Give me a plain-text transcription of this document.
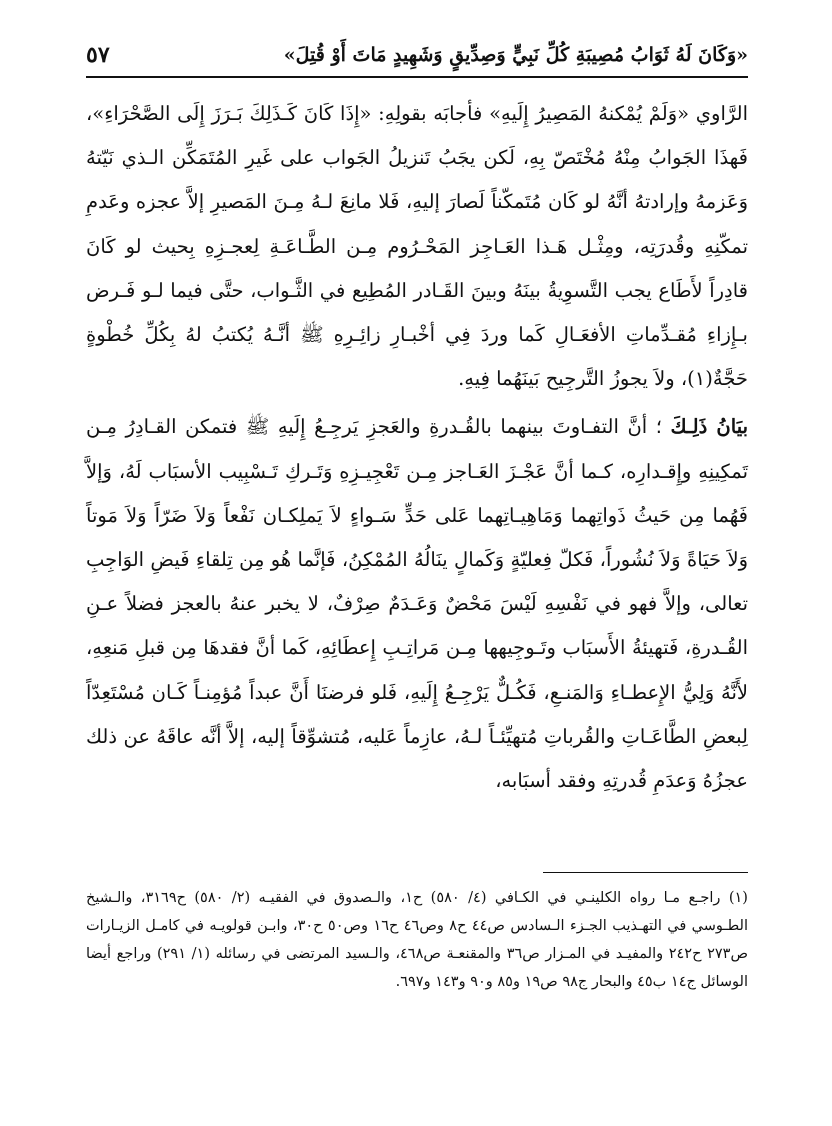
«وَكَانَ لَهُ ثَوَابُ مُصِيبَةِ كُلِّ نَبِيٍّ وَصِدِّيقٍ وَشَهِيدٍ مَاتَ أَوْ قُتِلَ»
٥٧

الرَّاوي «وَلَمْ يُمْكنهُ المَصِيرُ إِلَيهِ» فأجابَه بقولِهِ: «إِذَا كَانَ كَـذَلِكَ بَـرَزَ إِلَى الصَّحْرَاءِ»، فَهذَا الجَوابُ مِنْهُ مُخْتَصّ بِهِ، لَكن يجَبُ تَنزيلُ الجَواب على غَيرِ المُتَمَكِّن الـذي نَيّتهُ وَعَزمهُ وإرادتهُ أنَّهُ لو كَان مُتَمكّناً لَصارَ إليهِ، فَلا مانِعَ لـهُ مِـنَ المَصيرِ إلاَّ عجزه وعَدمِ تمكّنِهِ وقُدرَتِه، ومِثْـل هَـذا العَـاجِز المَحْـرُوم مِـن الطَّـاعَـةِ لِعجـزِهِ بِحيث لو كَانَ قادِراً لأَطَاع يجب التَّسوِيةُ بينَهُ وبينَ القَـادر المُطِيع في الثَّـواب، حتَّى فيما لـو فَـرض بـإِزاءِ مُقـدِّماتِ الأفعَـالِ كَما وردَ فِي أخْبـارِ زائِـرِهِ ﷺ أنَّـهُ يُكتبُ لهُ بِكُلِّ خُطْوةٍ حَجَّةٌ(١)، ولاَ يجوزُ التَّرجِيح بَينَهُما فِيهِ.

بيَانُ ذَلِـكَ ؛ أنَّ التفـاوتَ بينهما بالقُـدرةِ والعَجزِ يَرجِـعُ إِلَيهِ ﷺ فتمكن القـادِرُ مِـن تَمكِينِهِ وإِقـدارِه، كـما أنَّ عَجْـزَ العَـاجز مِـن تَعْجِيـزِهِ وَتَـركِ تَـسْبِيب الأسبَاب لَهُ، وَإلاَّ فَهُما مِن حَيثُ ذَواتِهما وَمَاهِيـاتِهما عَلى حَدٍّ سَـواءٍ لاَ يَملِكـان نَفْعاً وَلاَ ضَرّاً وَلاَ مَوتاً وَلاَ حَيَاةً وَلاَ نُشُوراً، فَكلّ فِعليّةٍ وَكَمالٍ ينَالُهُ المُمْكِنُ، فَإنَّما هُو مِن تِلقاءِ فَيضِ الوَاجِبِ تعالى، وإلاَّ فهو في نَفْسِهِ لَيْسَ مَحْضٌ وَعَـدَمٌ صِرْفٌ، لا يخبر عنهُ بالعجز فضلاً عـنِ القُـدرةِ، فَتهيئةُ الأَسبَاب وتَـوجِيهها مِـن مَراتِـبِ إِعطَائِهِ، كَما أنَّ فقدهَا مِن قبلِ مَنعِهِ، لأَنَّهُ وَلِيُّ الإِعطـاءِ وَالمَنـعِ، فَكُـلٌّ يَرْجِـعُ إِلَيهِ، فَلو فرضنَا أَنَّ عبداً مُؤمِنـاً كَـان مُسْتَعِدّاً لِبعضِ الطَّاعَـاتِ والقُرباتِ مُتهيِّئـاً لـهُ، عازِماً عَليه، مُتشوِّقاً إليه، إلاَّ أنَّه عاقَهُ عن ذلك عجزُهُ وَعدَمِ قُدرتِهِ وفقد أسبَابه،

(١) راجـع مـا رواه الكلينـي في الكـافي (٤/ ٥٨٠) ح١، والـصدوق في الفقيـه (٢/ ٥٨٠) ح٣١٦٩، والـشيخ الطـوسي في التهـذيب الجـزء الـسادس ص٤٤ ح٨ وص٤٦ ح١٦ وص٥٠ ح٣٠، وابـن قولويـه في كامـل الزيـارات ص٢٧٣ ح٢٤٢ والمفيـد في المـزار ص٣٦ والمقنعـة ص٤٦٨، والـسيد المرتضى في رسائله (١/ ٢٩١) وراجع أيضا الوسائل ج١٤ ب٤٥ والبحار ج٩٨ ص١٩ و٨٥ و٩٠ و١٤٣ و٦٩٧.
